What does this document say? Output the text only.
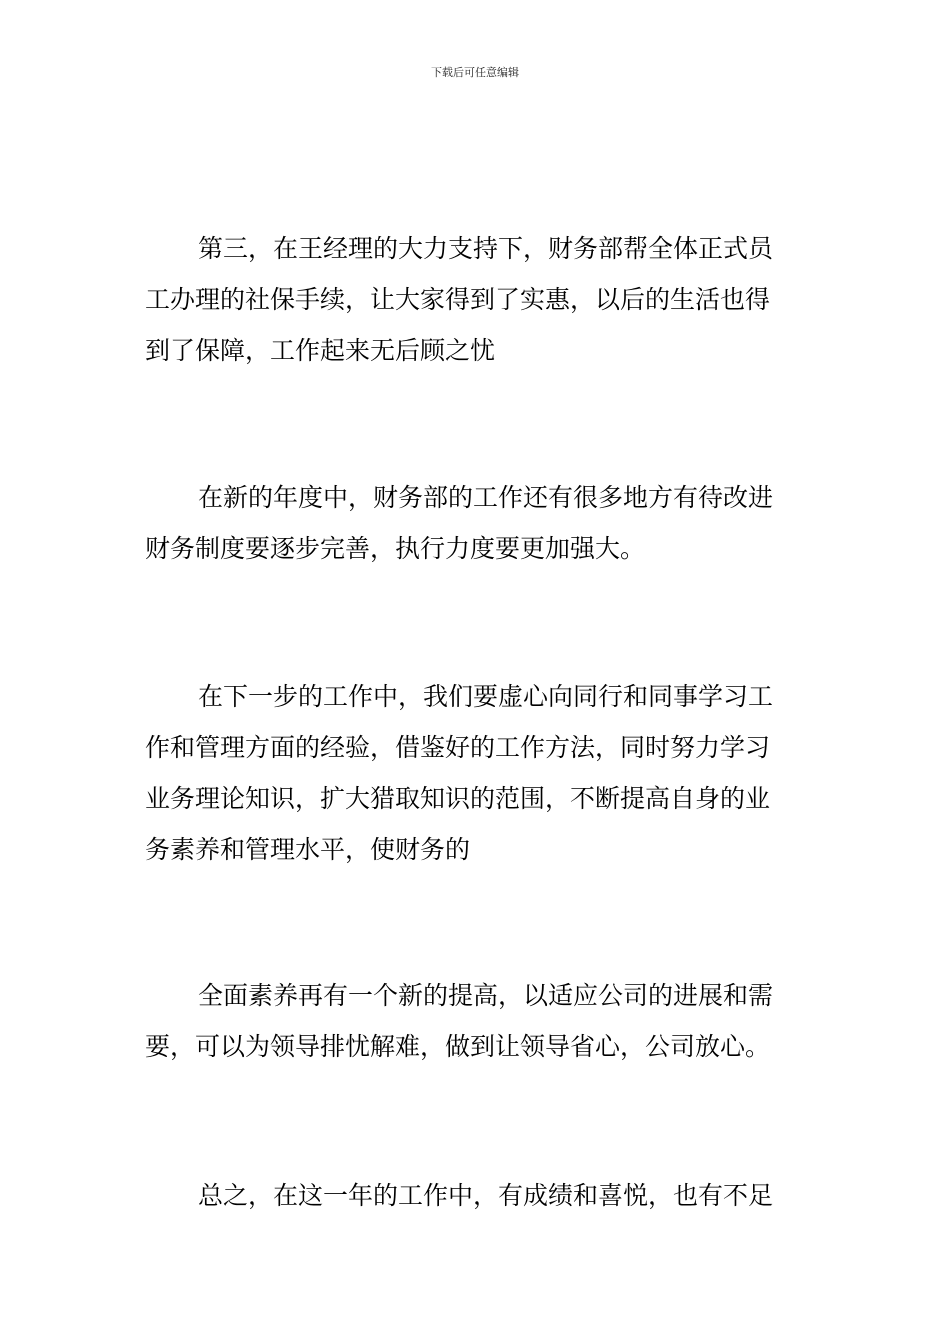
下载后可任意编辑
第三，在王经理的大力支持下，财务部帮全体正式员
工办理的社保手续，让大家得到了实惠，以后的生活也得
到了保障，工作起来无后顾之忧
在新的年度中，财务部的工作还有很多地方有待改进
财务制度要逐步完善，执行力度要更加强大。
在下一步的工作中，我们要虚心向同行和同事学习工
作和管理方面的经验，借鉴好的工作方法，同时努力学习
业务理论知识，扩大猎取知识的范围，不断提高自身的业
务素养和管理水平，使财务的
全面素养再有一个新的提高，以适应公司的进展和需
要，可以为领导排忧解难，做到让领导省心，公司放心。
总之，在这一年的工作中，有成绩和喜悦，也有不足
